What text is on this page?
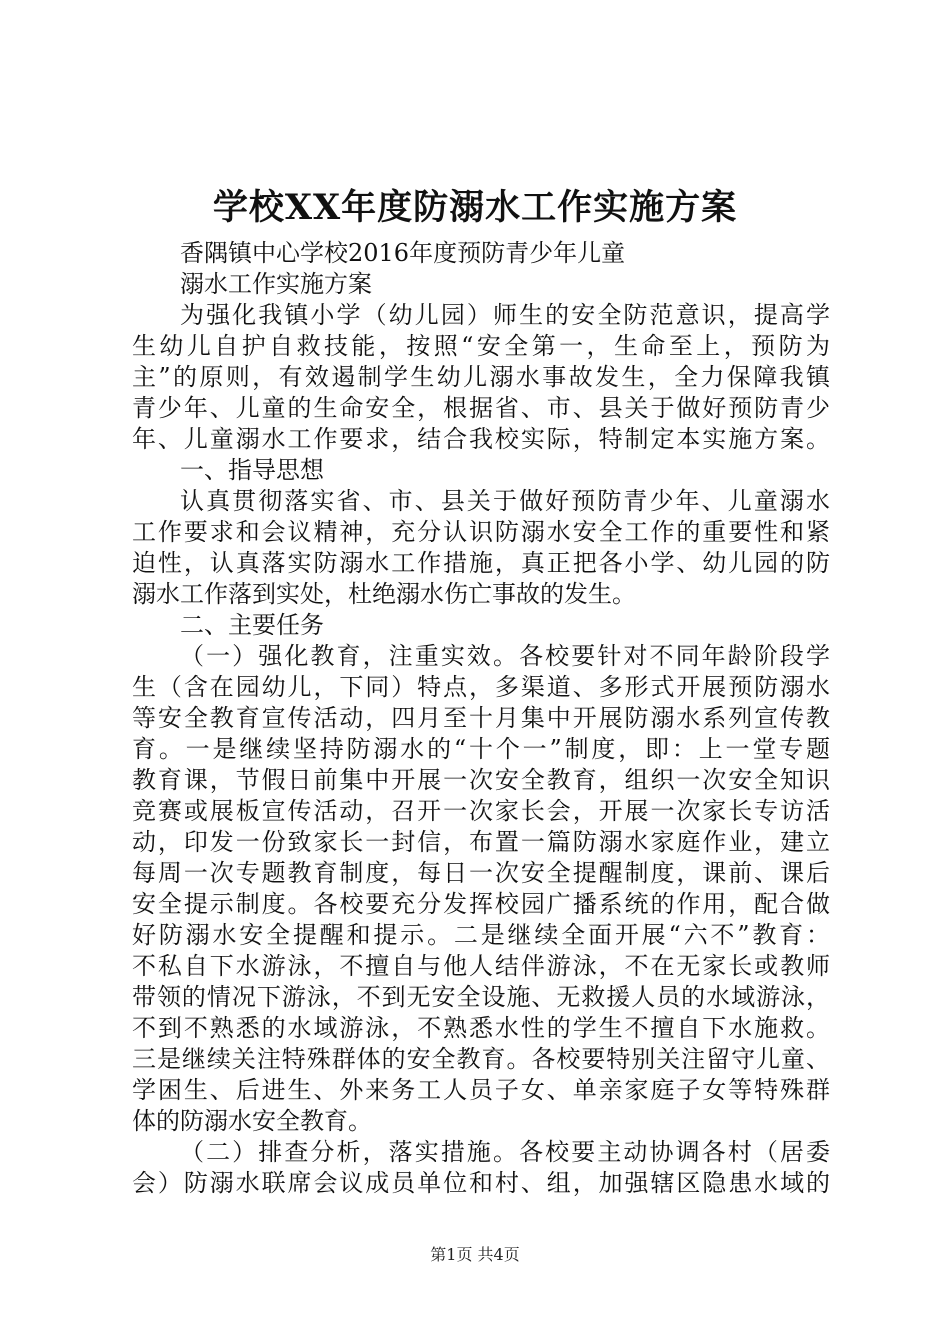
学校XX年度防溺水工作实施方案
香隅镇中心学校2016年度预防青少年儿童
溺水工作实施方案
为强化我镇小学（幼儿园）师生的安全防范意识，提高学
生幼儿自护自救技能，按照“安全第一，生命至上，预防为
主”的原则，有效遏制学生幼儿溺水事故发生，全力保障我镇
青少年、儿童的生命安全，根据省、市、县关于做好预防青少
年、儿童溺水工作要求，结合我校实际，特制定本实施方案。
一、指导思想
认真贯彻落实省、市、县关于做好预防青少年、儿童溺水
工作要求和会议精神，充分认识防溺水安全工作的重要性和紧
迫性，认真落实防溺水工作措施，真正把各小学、幼儿园的防
溺水工作落到实处，杜绝溺水伤亡事故的发生。
二、主要任务
（一）强化教育，注重实效。各校要针对不同年龄阶段学
生（含在园幼儿，下同）特点，多渠道、多形式开展预防溺水
等安全教育宣传活动，四月至十月集中开展防溺水系列宣传教
育。一是继续坚持防溺水的“十个一”制度，即：上一堂专题
教育课，节假日前集中开展一次安全教育，组织一次安全知识
竞赛或展板宣传活动，召开一次家长会，开展一次家长专访活
动，印发一份致家长一封信，布置一篇防溺水家庭作业，建立
每周一次专题教育制度，每日一次安全提醒制度，课前、课后
安全提示制度。各校要充分发挥校园广播系统的作用，配合做
好防溺水安全提醒和提示。二是继续全面开展“六不”教育：
不私自下水游泳，不擅自与他人结伴游泳，不在无家长或教师
带领的情况下游泳，不到无安全设施、无救援人员的水域游泳，
不到不熟悉的水域游泳，不熟悉水性的学生不擅自下水施救。
三是继续关注特殊群体的安全教育。各校要特别关注留守儿童、
学困生、后进生、外来务工人员子女、单亲家庭子女等特殊群
体的防溺水安全教育。
（二）排查分析，落实措施。各校要主动协调各村（居委
会）防溺水联席会议成员单位和村、组，加强辖区隐患水域的
第1页 共4页
